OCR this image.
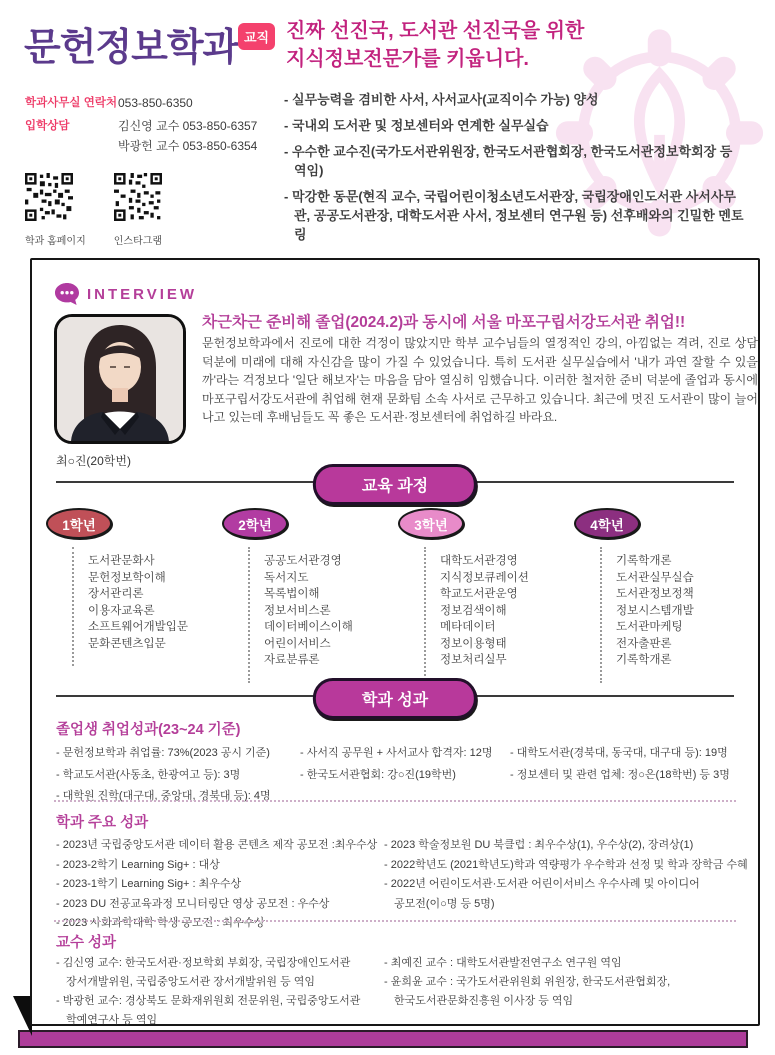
문헌정보학과 교직 진짜 선진국, 도서관 선진국을 위한
지식정보전문가를 키웁니다.
학과사무실 연락처 053-850-6350
입학상담	김신영 교수 053-850-6357
박광헌 교수 053-850-6354
- 실무능력을 겸비한 사서, 사서교사(교직이수 가능) 양성
- 국내외 도서관 및 정보센터와 연계한 실무실습
- 우수한 교수진(국가도서관위원장, 한국도서관협회장, 한국도서관정보학회장 등 역임)
- 막강한 동문(현직 교수, 국립어린이청소년도서관장, 국립장애인도서관 사서사무관, 공공도서관장, 대학도서관 사서, 정보센터 연구원 등) 선후배와의 긴밀한 멘토링
학과 홈페이지	인스타그램
INTERVIEW
최○진(20학번)
차근차근 준비해 졸업(2024.2)과 동시에 서울 마포구립서강도서관 취업!!
문헌정보학과에서 진로에 대한 걱정이 많았지만 학부 교수님들의 열정적인 강의, 아낌없는 격려, 진로 상담 덕분에 미래에 대해 자신감을 많이 가질 수 있었습니다. 특히 도서관 실무실습에서 '내가 과연 잘할 수 있을까'라는 걱정보다 '일단 해보자'는 마음을 담아 열심히 임했습니다. 이러한 철저한 준비 덕분에 졸업과 동시에 마포구립서강도서관에 취업해 현재 문화팀 소속 사서로 근무하고 있습니다. 최근에 멋진 도서관이 많이 늘어나고 있는데 후배님들도 꼭 좋은 도서관·정보센터에 취업하길 바라요.
교육 과정
1학년
도서관문화사
문헌정보학이해
장서관리론
이용자교육론
소프트웨어개발입문
문화콘텐츠입문
2학년
공공도서관경영
독서지도
목록법이해
정보서비스론
데이터베이스이해
어린이서비스
자료분류론
3학년
대학도서관경영
지식정보큐레이션
학교도서관운영
정보검색이해
메타데이터
정보이용형태
정보처리실무
4학년
기록학개론
도서관실무실습
도서관정보정책
정보시스템개발
도서관마케팅
전자출판론
기록학개론
학과 성과
졸업생 취업성과(23~24 기준)
- 문헌정보학과 취업률: 73%(2023 공시 기준)
- 학교도서관(사동초, 한광여고 등): 3명
- 대학원 진학(대구대, 중앙대, 경북대 등): 4명
- 사서직 공무원 + 사서교사 합격자: 12명
- 한국도서관협회: 강○진(19학번)
- 대학도서관(경북대, 동국대, 대구대 등): 19명
- 정보센터 및 관련 업체: 정○은(18학번) 등 3명
학과 주요 성과
- 2023년 국립중앙도서관 데이터 활용 콘텐츠 제작 공모전 :최우수상
- 2023-2학기 Learning Sig+ : 대상
- 2023-1학기 Learning Sig+ : 최우수상
- 2023 DU 전공교육과정 모니터링단 영상 공모전 : 우수상
- 2023 사회과학대학 학생 공모전 : 최우수상
- 2023 학술정보원 DU 북클럽 : 최우수상(1), 우수상(2), 장려상(1)
- 2022학년도 (2021학년도)학과 역량평가 우수학과 선정 및 학과 장학금 수혜
- 2022년 어린이도서관·도서관 어린이서비스 우수사례 및 아이디어
공모전(이○명 등 5명)
교수 성과
- 김신영 교수: 한국도서관·정보학회 부회장, 국립장애인도서관
장서개발위원, 국립중앙도서관 장서개발위원 등 역임
- 박광헌 교수: 경상북도 문화재위원회 전문위원, 국립중앙도서관
학예연구사 등 역임
- 최예진 교수 : 대학도서관발전연구소 연구원 역임
- 윤희윤 교수 : 국가도서관위원회 위원장, 한국도서관협회장,
한국도서관문화진흥원 이사장 등 역임
